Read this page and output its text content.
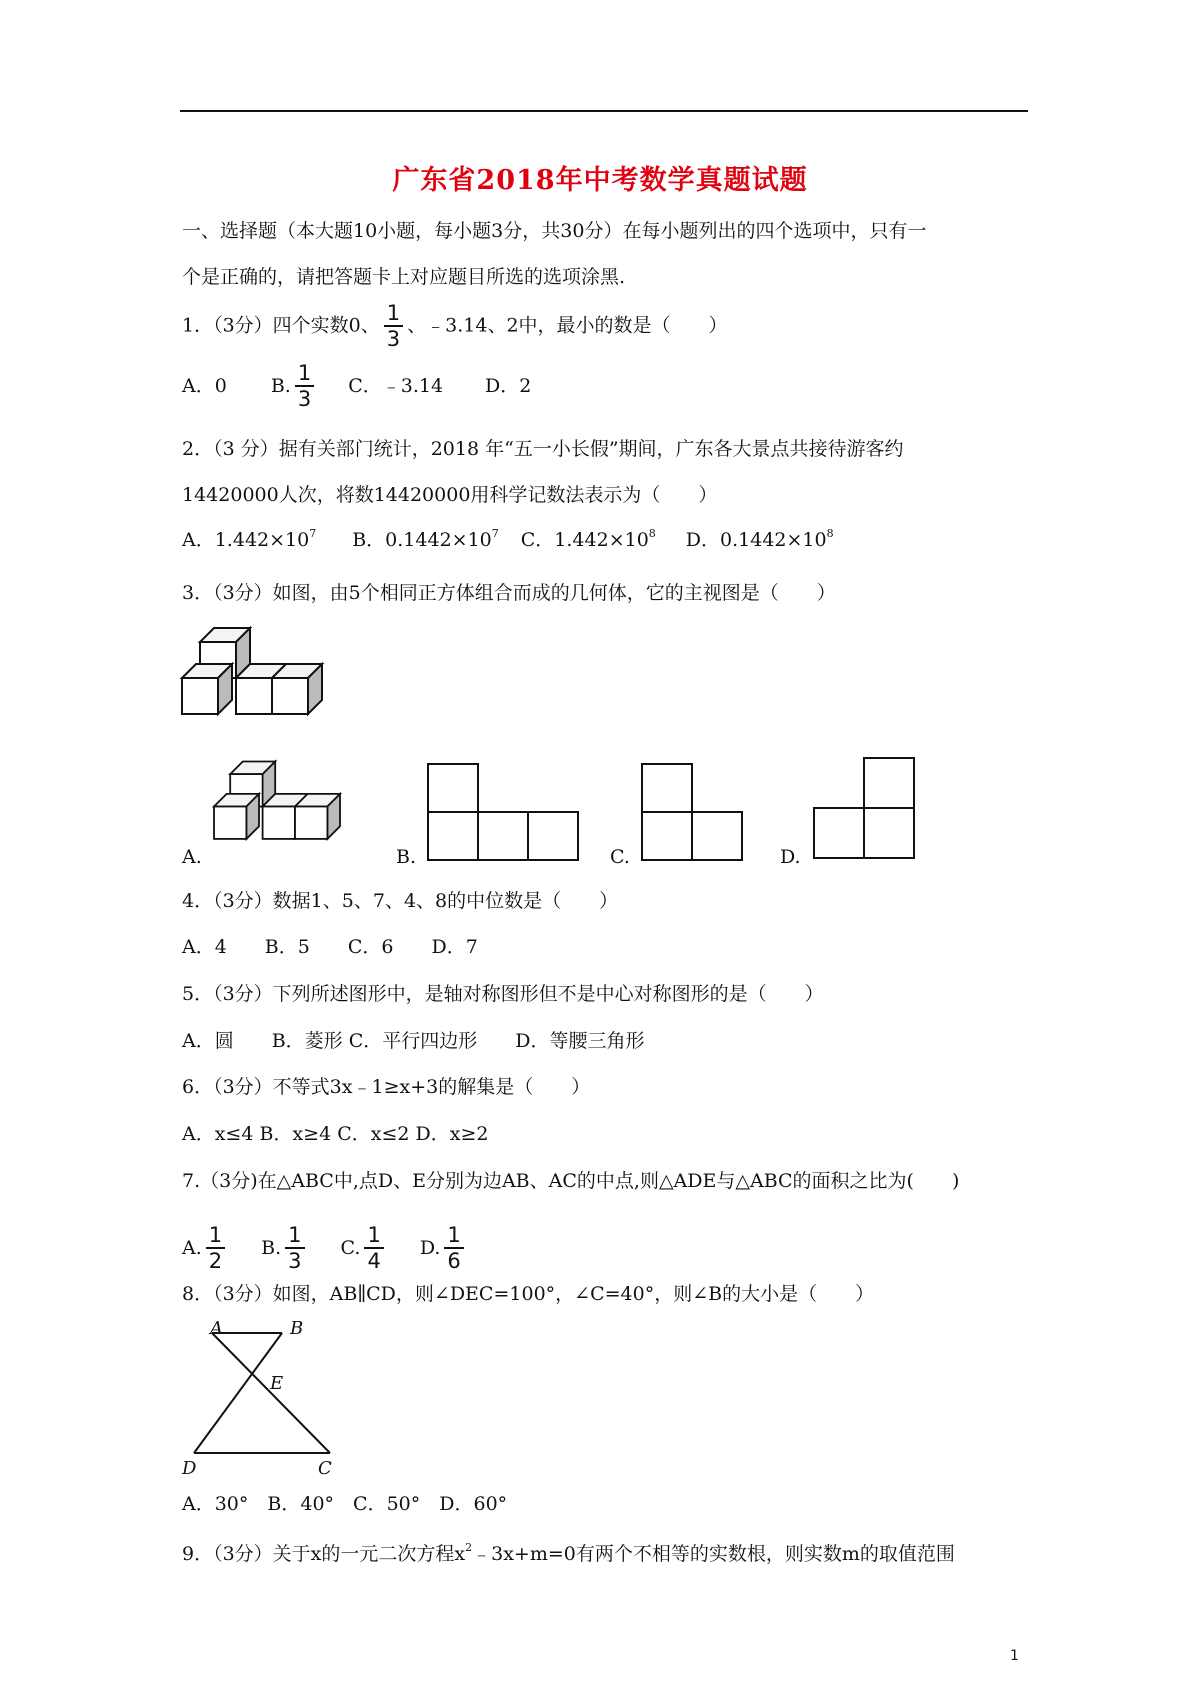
广东省2018年中考数学真题试题
一、选择题（本大题10小题，每小题3分，共30分）在每小题列出的四个选项中，只有一
个是正确的，请把答题卡上对应题目所选的选项涂黑.
1．（3分）四个实数0、 $\frac{1}{3}$ 、﹣3.14、2中，最小的数是（　　）
A．0 B. $\frac{1}{3}$ C．﹣3.14 D．2
2．（3 分）据有关部门统计，2018 年“五一小长假”期间，广东各大景点共接待游客约
14420000人次，将数14420000用科学记数法表示为（　　）
A．$1.442\times 10^7$ B．$0.1442\times 10^7$ C．$1.442\times 10^8$ D．$0.1442\times 10^8$
3．（3分）如图，由5个相同正方体组合而成的几何体，它的主视图是（　　）
A.	B.	C.	D.
4．（3分）数据1、5、7、4、8的中位数是（　　）
A．4　　B．5　　C．6　　D．7
5．（3分）下列所述图形中，是轴对称图形但不是中心对称图形的是（　　）
A．圆　　B．菱形 C．平行四边形　　D．等腰三角形
6．（3分）不等式3x﹣1≥x+3的解集是（　　）
A．x≤4 B．x≥4 C．x≤2 D．x≥2
7.（3分)在△ABC中,点D、E分别为边AB、AC的中点,则△ADE与△ABC的面积之比为(　　)
A. $\frac{1}{2} B$. $\frac{1}{3} C$. $\frac{1}{4} D$. $\frac{1}{6}$
8．（3分）如图，AB∥CD，则∠DEC=100°，∠C=40°，则∠B的大小是（　　）
A	B
E
D	C
A．30°　B．40°　C．50°　D．60°
9．（3分）关于x的一元二次方程$x^2﹣3x+m=0$有两个不相等的实数根，则实数m的取值范围
1
